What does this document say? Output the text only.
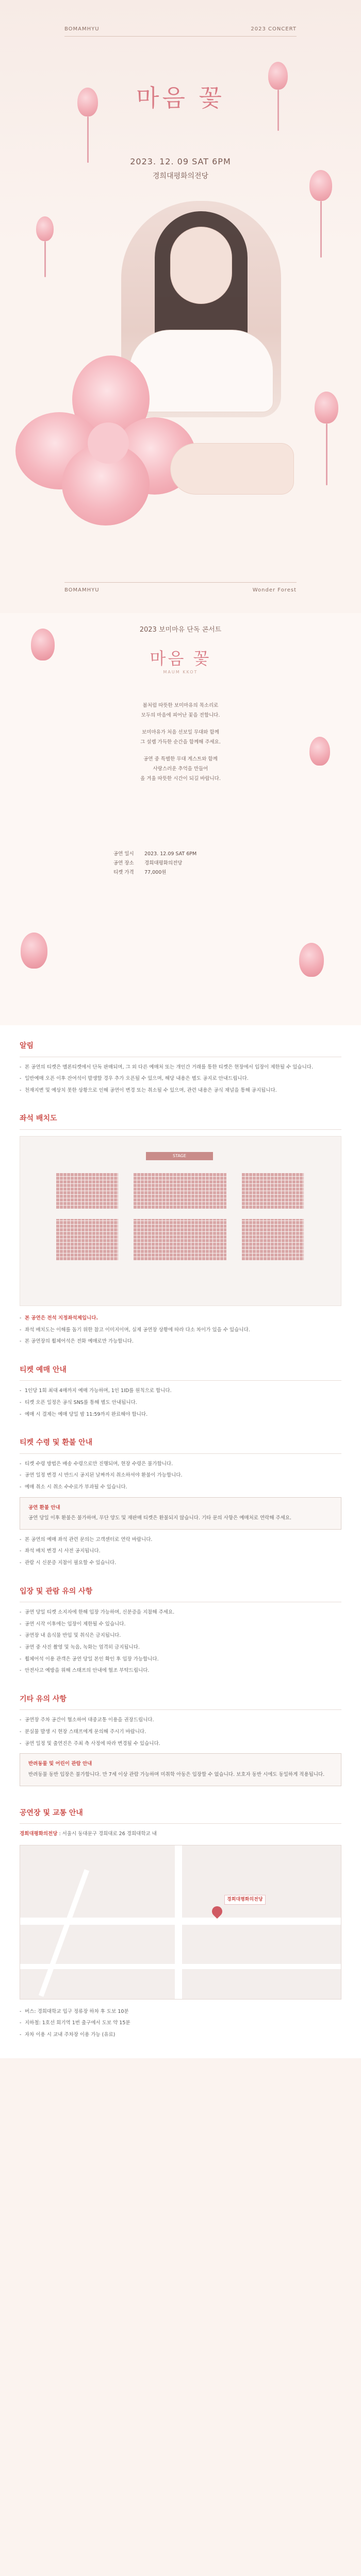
BOMAMHYU	2023 CONCERT
마음 꽃
2023. 12. 09 SAT 6PM
경희대평화의전당
BOMAMHYU	Wonder Forest
2023 보미마유 단독 콘서트
마음 꽃
MAUM KKOT

봄처럼 따뜻한 보미마유의 목소리로
모두의 마음에 피어난 꽃을 전합니다.

보미마유가 처음 선보일 무대와 함께
그 설렘 가득한 순간을 함께해 주세요.

공연 중 특별한 무대 게스트와 함께
사랑스러운 추억을 만들어
올 겨울 따뜻한 시간이 되길 바랍니다.

공연 일시	2023. 12.09 SAT 6PM
공연 장소	경희대평화의전당
티켓 가격	77,000원
알림
- 본 공연의 티켓은 멜론티켓에서 단독 판매되며, 그 외 다른 예매처 또는 개인간 거래를 통한 티켓은 현장에서 입장이 제한될 수 있습니다.
- 일반예매 오픈 이후 잔여석이 발생할 경우 추가 오픈될 수 있으며, 해당 내용은 별도 공지로 안내드립니다.
- 천재지변 및 예상치 못한 상황으로 인해 공연이 변경 또는 취소될 수 있으며, 관련 내용은 공식 채널을 통해 공지됩니다.
좌석 배치도
STAGE
- 본 공연은 전석 지정좌석제입니다.
- 좌석 배치도는 이해를 돕기 위한 참고 이미지이며, 실제 공연장 상황에 따라 다소 차이가 있을 수 있습니다.
- 본 공연장의 휠체어석은 전화 예매로만 가능합니다.
티켓 예매 안내
- 1인당 1회 최대 4매까지 예매 가능하며, 1인 1ID를 원칙으로 합니다.
- 티켓 오픈 일정은 공식 SNS를 통해 별도 안내됩니다.
- 예매 시 결제는 예매 당일 밤 11:59까지 완료해야 합니다.
티켓 수령 및 환불 안내
- 티켓 수령 방법은 배송 수령으로만 진행되며, 현장 수령은 불가합니다.
- 공연 일정 변경 시 반드시 공지된 날짜까지 취소하셔야 환불이 가능합니다.
- 예매 취소 시 취소 수수료가 부과될 수 있습니다.
공연 환불 안내

공연 당일 이후 환불은 불가하며, 무단 양도 및 재판매 티켓은 환불되지 않습니다. 기타 문의 사항은 예매처로 연락해 주세요.

- 본 공연의 예매 좌석 관련 문의는 고객센터로 연락 바랍니다.
- 좌석 배치 변경 시 사전 공지됩니다.
- 관람 시 신분증 지참이 필요할 수 있습니다.
입장 및 관람 유의 사항
- 공연 당일 티켓 소지자에 한해 입장 가능하며, 신분증을 지참해 주세요.
- 공연 시작 이후에는 입장이 제한될 수 있습니다.
- 공연장 내 음식물 반입 및 취식은 금지됩니다.
- 공연 중 사진 촬영 및 녹음, 녹화는 엄격히 금지됩니다.
- 휠체어석 이용 관객은 공연 당일 본인 확인 후 입장 가능합니다.
- 안전사고 예방을 위해 스태프의 안내에 협조 부탁드립니다.
기타 유의 사항
- 공연장 주차 공간이 협소하여 대중교통 이용을 권장드립니다.
- 분실물 발생 시 현장 스태프에게 문의해 주시기 바랍니다.
- 공연 일정 및 출연진은 주최 측 사정에 따라 변경될 수 있습니다.
반려동물 및 어린이 관람 안내

반려동물 동반 입장은 불가합니다. 만 7세 이상 관람 가능하며 미취학 아동은 입장할 수 없습니다. 보호자 동반 시에도 동일하게 적용됩니다.

공연장 및 교통 안내

경희대평화의전당 : 서울시 동대문구 경희대로 26 경희대학교 내

경희대평화의전당
- 버스: 경희대학교 입구 정류장 하차 후 도보 10분
- 지하철: 1호선 회기역 1번 출구에서 도보 약 15분
- 자차 이용 시 교내 주차장 이용 가능 (유료)
